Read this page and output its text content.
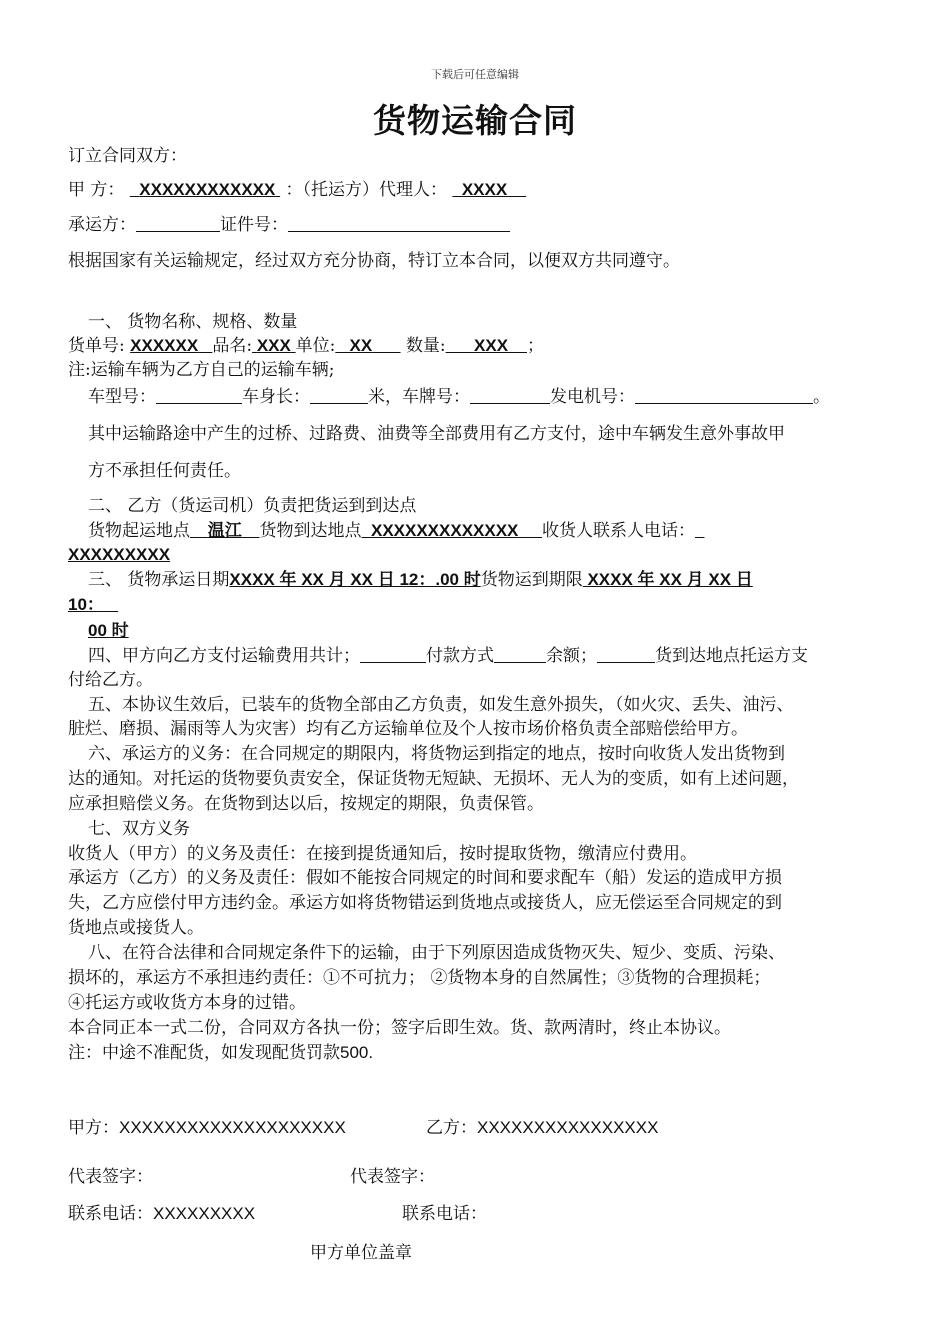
下载后可任意编辑
货物运输合同
订立合同双方：
甲 方： XXXXXXXXXXXX ：（托运方）代理人： XXXX
承运方：	证件号：
根据国家有关运输规定，经过双方充分协商，特订立本合同，以便双方共同遵守。
一、 货物名称、规格、数量
货单号: XXXXXX 品名: XXX 单位: XX 数量: XXX ；
注:运输车辆为乙方自己的运输车辆;
车型号：	车身长：	米，车牌号：	发电机号：	。
其中运输路途中产生的过桥、过路费、油费等全部费用有乙方支付，途中车辆发生意外事故甲
方不承担任何责任。
二、 乙方（货运司机）负责把货运到到达点
货物起运地点 温江 货物到达地点 XXXXXXXXXXXXX 收货人联系人电话：
XXXXXXXXX
三、 货物承运日期XXXX 年 XX 月 XX 日 12：.00 时货物运到期限 XXXX 年 XX 月 XX 日
10：
00 时
四、甲方向乙方支付运输费用共计；	付款方式	余额；	货到达地点托运方支
付给乙方。
五、本协议生效后，已装车的货物全部由乙方负责，如发生意外损失，（如火灾、丢失、油污、
脏烂、磨损、漏雨等人为灾害）均有乙方运输单位及个人按市场价格负责全部赔偿给甲方。
六、承运方的义务：在合同规定的期限内，将货物运到指定的地点，按时向收货人发出货物到
达的通知。对托运的货物要负责安全，保证货物无短缺、无损坏、无人为的变质，如有上述问题，
应承担赔偿义务。在货物到达以后，按规定的期限，负责保管。
七、双方义务
收货人（甲方）的义务及责任：在接到提货通知后，按时提取货物，缴清应付费用。
承运方（乙方）的义务及责任：假如不能按合同规定的时间和要求配车（船）发运的造成甲方损
失，乙方应偿付甲方违约金。承运方如将货物错运到货地点或接货人，应无偿运至合同规定的到
货地点或接货人。
八、在符合法律和合同规定条件下的运输，由于下列原因造成货物灭失、短少、变质、污染、
损坏的，承运方不承担违约责任：①不可抗力； ②货物本身的自然属性；③货物的合理损耗；
④托运方或收货方本身的过错。
本合同正本一式二份，合同双方各执一份；签字后即生效。货、款两清时，终止本协议。
注：中途不准配货，如发现配货罚款500.
甲方：XXXXXXXXXXXXXXXXXXXX	乙方：XXXXXXXXXXXXXXXX
代表签字：	代表签字：
联系电话：XXXXXXXXX	联系电话：
甲方单位盖章
